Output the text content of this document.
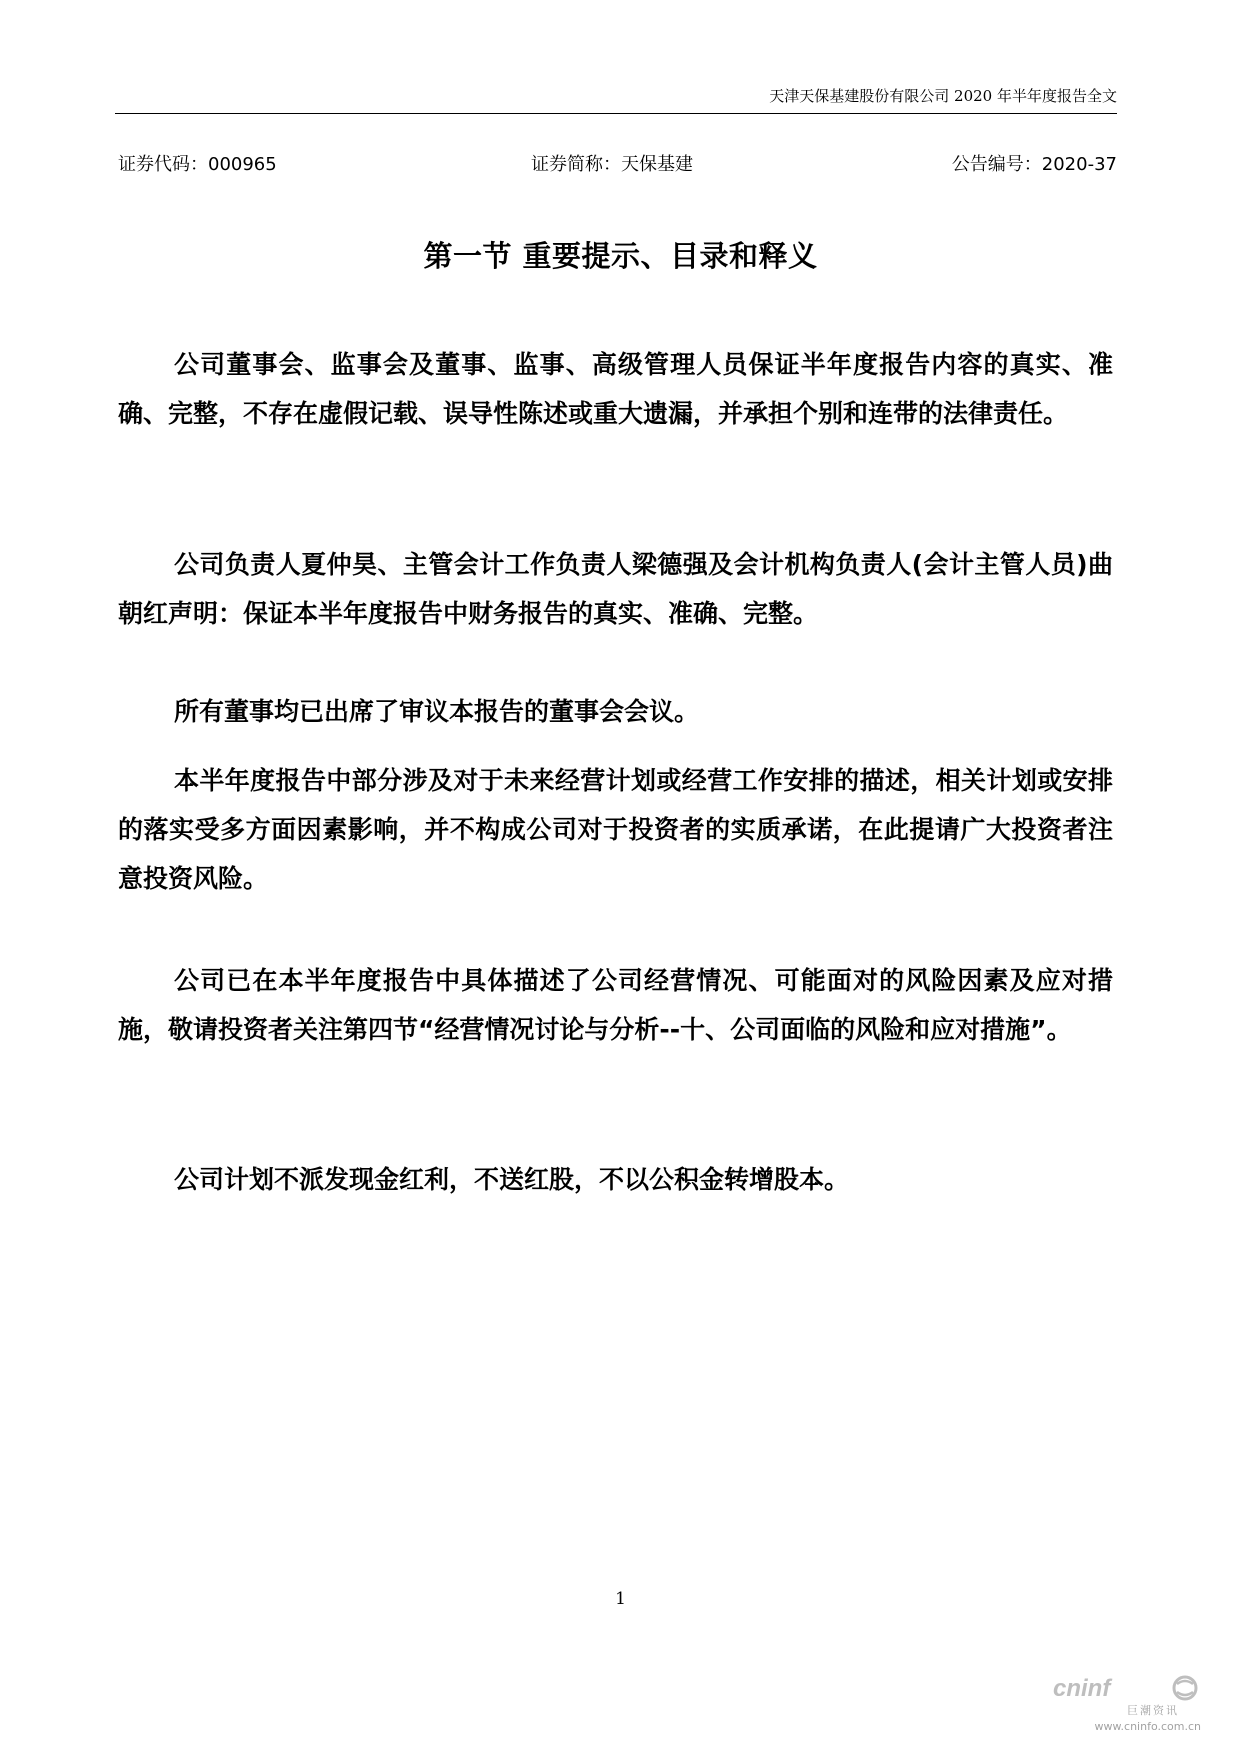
天津天保基建股份有限公司 2020 年半年度报告全文
证券代码：000965	证券简称：天保基建	公告编号：2020-37
第一节 重要提示、目录和释义

公司董事会、监事会及董事、监事、高级管理人员保证半年度报告内容的真实、准确、完整，不存在虚假记载、误导性陈述或重大遗漏，并承担个别和连带的法律责任。

公司负责人夏仲昊、主管会计工作负责人梁德强及会计机构负责人(会计主管人员)曲朝红声明：保证本半年度报告中财务报告的真实、准确、完整。

所有董事均已出席了审议本报告的董事会会议。

本半年度报告中部分涉及对于未来经营计划或经营工作安排的描述，相关计划或安排的落实受多方面因素影响，并不构成公司对于投资者的实质承诺，在此提请广大投资者注意投资风险。

公司已在本半年度报告中具体描述了公司经营情况、可能面对的风险因素及应对措施，敬请投资者关注第四节“经营情况讨论与分析--十、公司面临的风险和应对措施”。

公司计划不派发现金红利，不送红股，不以公积金转增股本。

1
cninf
巨潮资讯
www.cninfo.com.cn
